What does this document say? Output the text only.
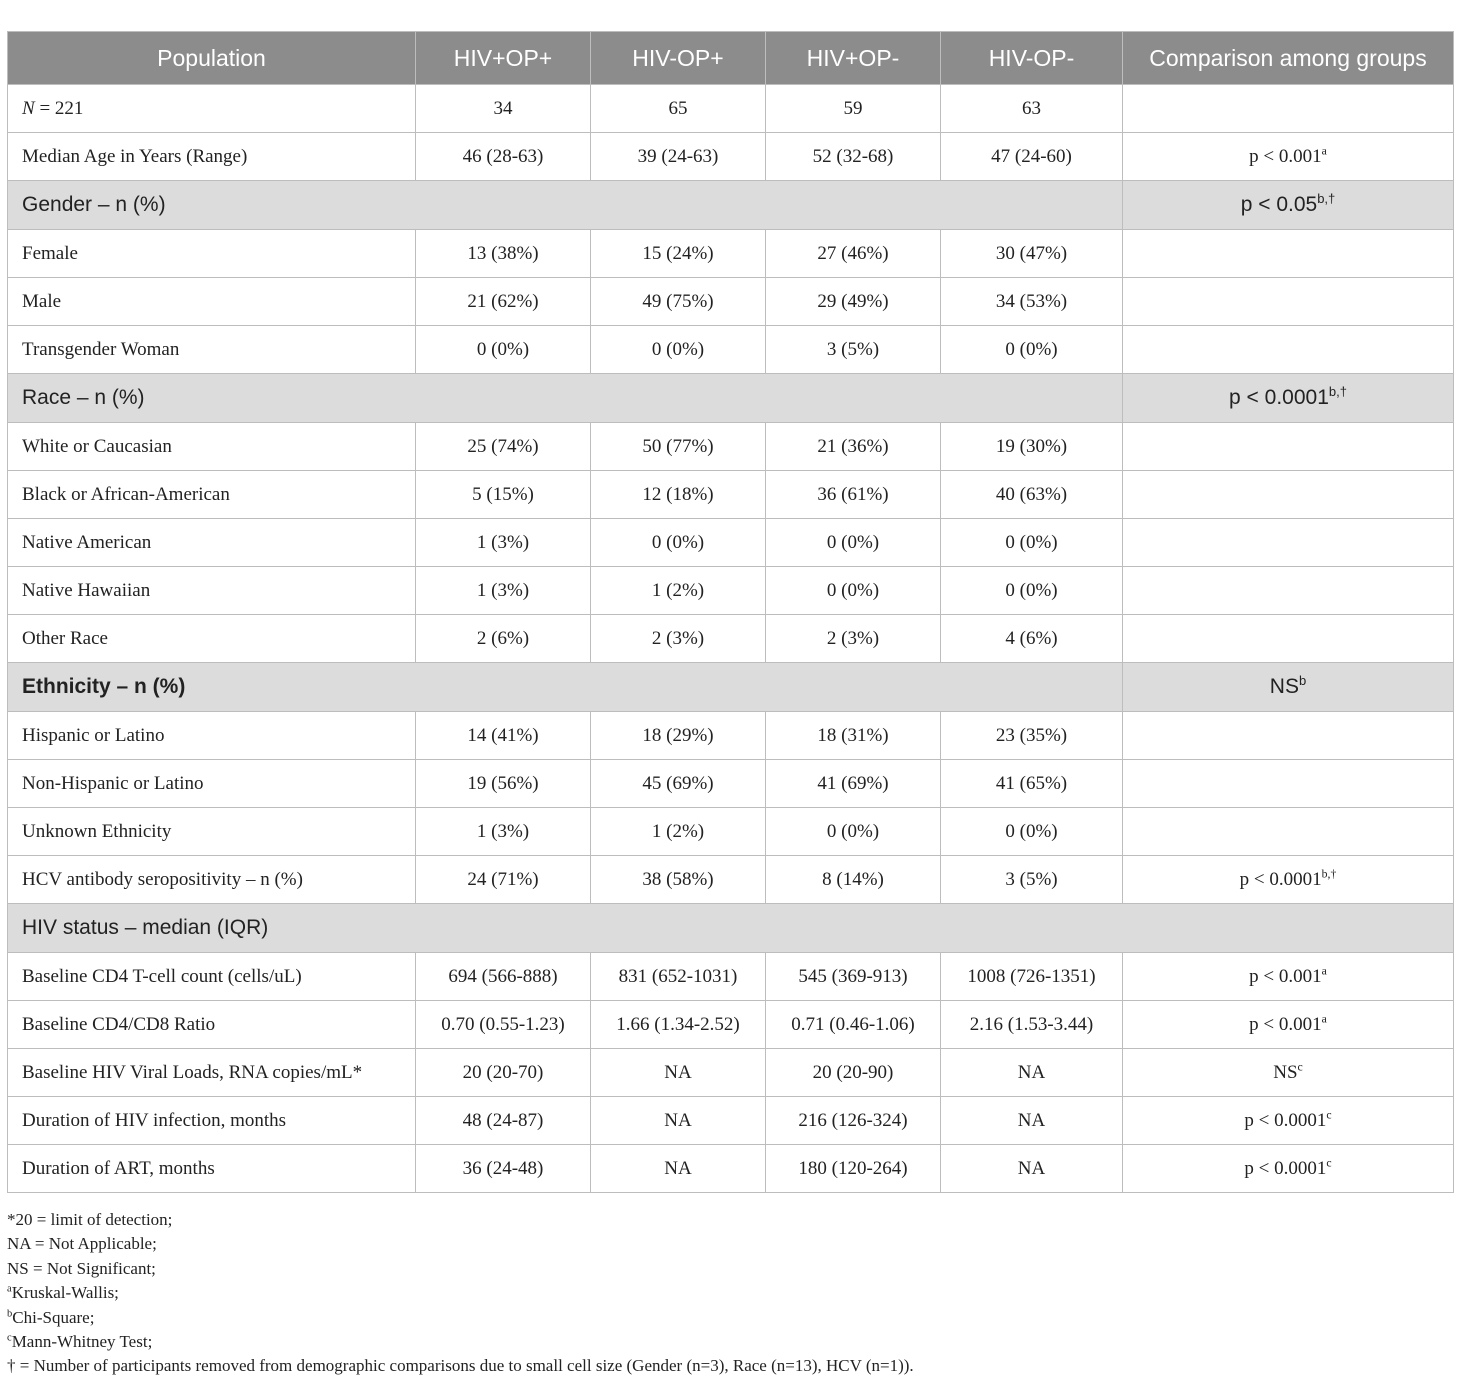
Population	HIV+OP+	HIV-OP+	HIV+OP-	HIV-OP-	Comparison among groups
N = 221	34	65	59	63	
Median Age in Years (Range)	46 (28-63)	39 (24-63)	52 (32-68)	47 (24-60)	p < 0.001$^a$
Gender – n (%)					$p < 0.05^{b,\dagger}$
Female	13 (38%)	15 (24%)	27 (46%)	30 (47%)	
Male	21 (62%)	49 (75%)	29 (49%)	34 (53%)	
Transgender Woman	0 (0%)	0 (0%)	3 (5%)	0 (0%)	
Race – n (%)					$p < 0.0001^{b,\dagger}$
White or Caucasian	25 (74%)	50 (77%)	21 (36%)	19 (30%)	
Black or African-American	5 (15%)	12 (18%)	36 (61%)	40 (63%)	
Native American	1 (3%)	0 (0%)	0 (0%)	0 (0%)	
Native Hawaiian	1 (3%)	1 (2%)	0 (0%)	0 (0%)	
Other Race	2 (6%)	2 (3%)	2 (3%)	4 (6%)	
Ethnicity – n (%)					$NS^b$
Hispanic or Latino	14 (41%)	18 (29%)	18 (31%)	23 (35%)	
Non-Hispanic or Latino	19 (56%)	45 (69%)	41 (69%)	41 (65%)	
Unknown Ethnicity	1 (3%)	1 (2%)	0 (0%)	0 (0%)	
HCV antibody seropositivity – n (%)	24 (71%)	38 (58%)	8 (14%)	3 (5%)	$p < 0.0001^{b,\dagger}$
HIV status – median (IQR)					
Baseline CD4 T-cell count (cells/uL)	694 (566-888)	831 (652-1031)	545 (369-913)	1008 (726-1351)	p < 0.001$^a$
Baseline CD4/CD8 Ratio	0.70 (0.55-1.23)	1.66 (1.34-2.52)	0.71 (0.46-1.06)	2.16 (1.53-3.44)	p < 0.001$^a$
Baseline HIV Viral Loads, RNA copies/mL*	20 (20-70)	NA	20 (20-90)	NA	$NS^c$
Duration of HIV infection, months	48 (24-87)	NA	216 (126-324)	NA	p < 0.0001$^c$
Duration of ART, months	36 (24-48)	NA	180 (120-264)	NA	p < 0.0001$^c$
*20 = limit of detection;
NA = Not Applicable;
NS = Not Significant;
$^a$Kruskal-Wallis;
$^b$Chi-Square;
$^c$Mann-Whitney Test;
† = Number of participants removed from demographic comparisons due to small cell size (Gender (n=3), Race (n=13), HCV (n=1)).
